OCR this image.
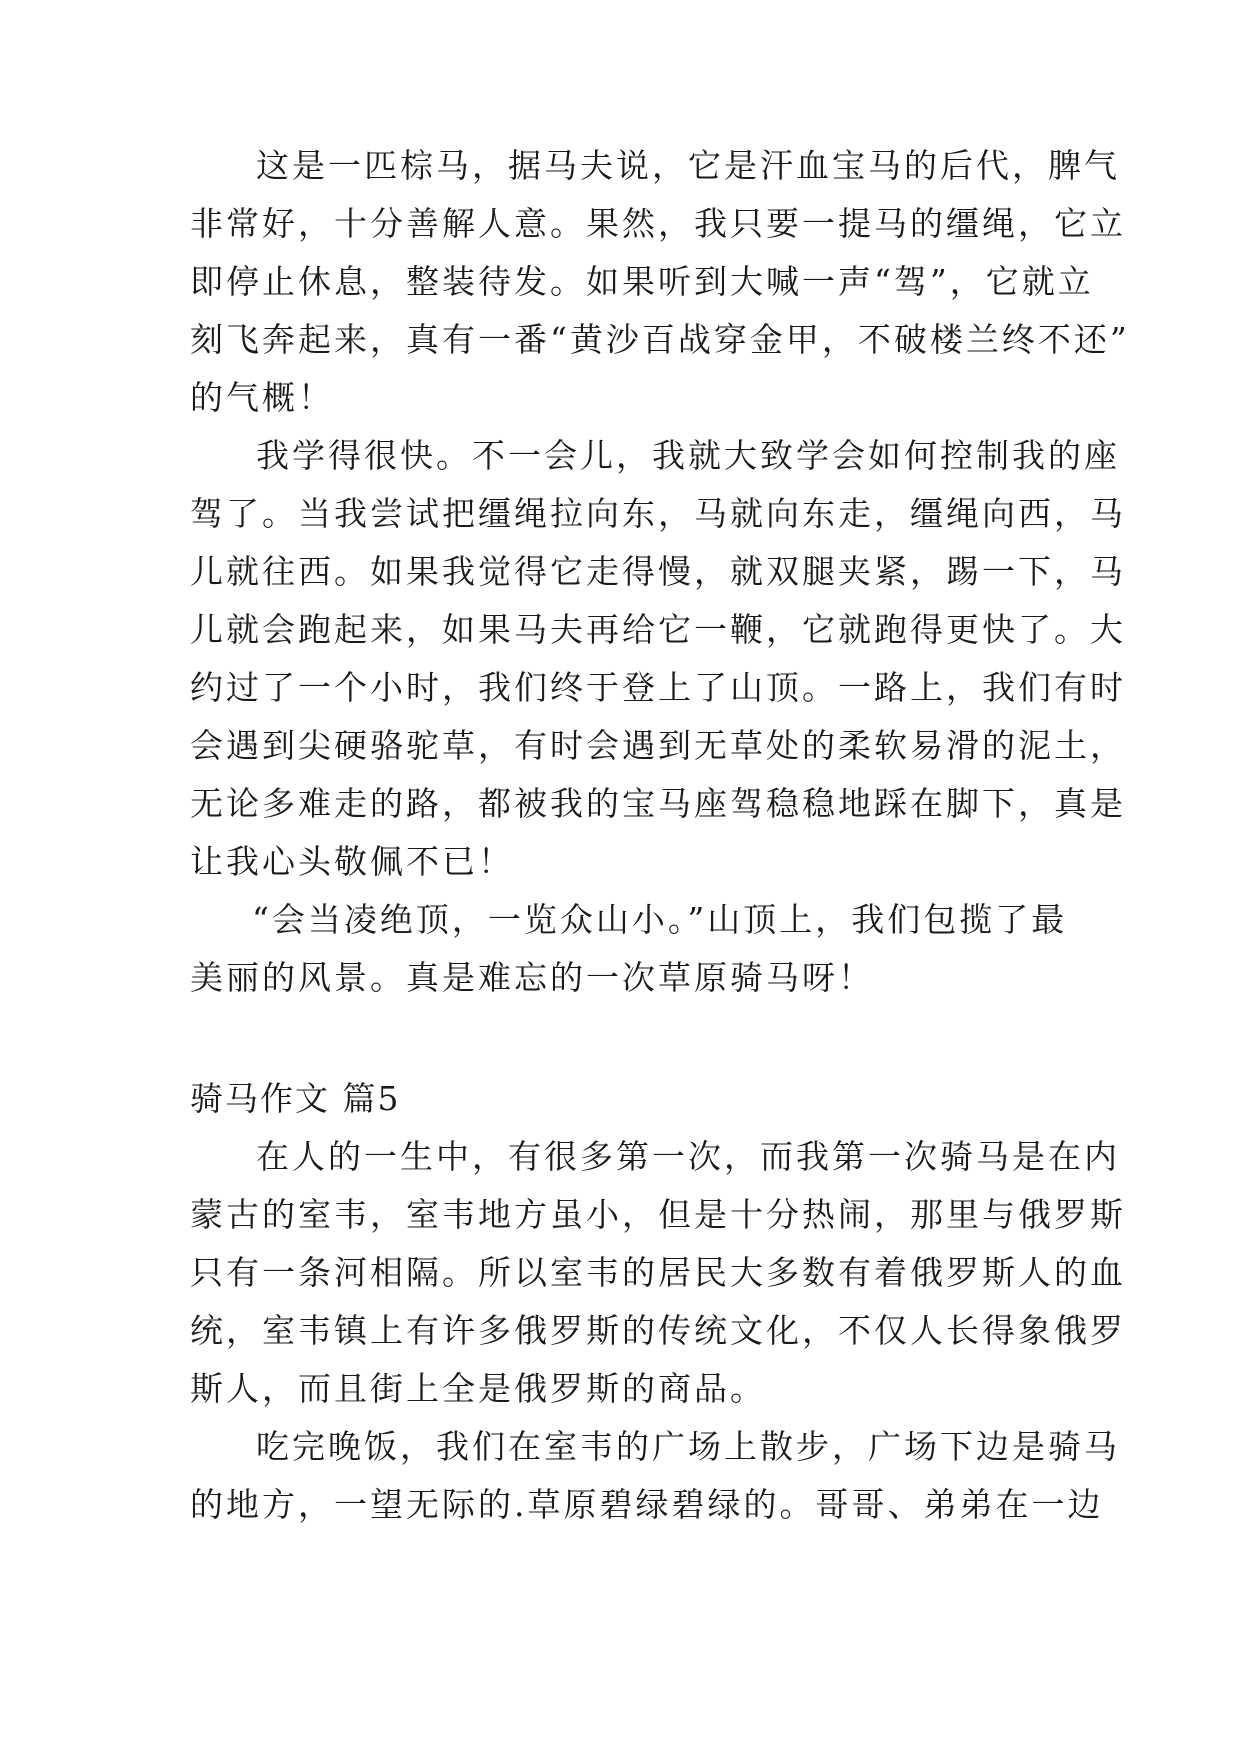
这是一匹棕马，据马夫说，它是汗血宝马的后代，脾气
非常好，十分善解人意。果然，我只要一提马的缰绳，它立
即停止休息，整装待发。如果听到大喊一声“驾”，它就立
刻飞奔起来，真有一番“黄沙百战穿金甲，不破楼兰终不还”
的气概！
我学得很快。不一会儿，我就大致学会如何控制我的座
驾了。当我尝试把缰绳拉向东，马就向东走，缰绳向西，马
儿就往西。如果我觉得它走得慢，就双腿夹紧，踢一下，马
儿就会跑起来，如果马夫再给它一鞭，它就跑得更快了。大
约过了一个小时，我们终于登上了山顶。一路上，我们有时
会遇到尖硬骆驼草，有时会遇到无草处的柔软易滑的泥土，
无论多难走的路，都被我的宝马座驾稳稳地踩在脚下，真是
让我心头敬佩不已！
“会当凌绝顶，一览众山小。”山顶上，我们包揽了最
美丽的风景。真是难忘的一次草原骑马呀！
骑马作文 篇5
在人的一生中，有很多第一次，而我第一次骑马是在内
蒙古的室韦，室韦地方虽小，但是十分热闹，那里与俄罗斯
只有一条河相隔。所以室韦的居民大多数有着俄罗斯人的血
统，室韦镇上有许多俄罗斯的传统文化，不仅人长得象俄罗
斯人，而且街上全是俄罗斯的商品。
吃完晚饭，我们在室韦的广场上散步，广场下边是骑马
的地方，一望无际的.草原碧绿碧绿的。哥哥、弟弟在一边
